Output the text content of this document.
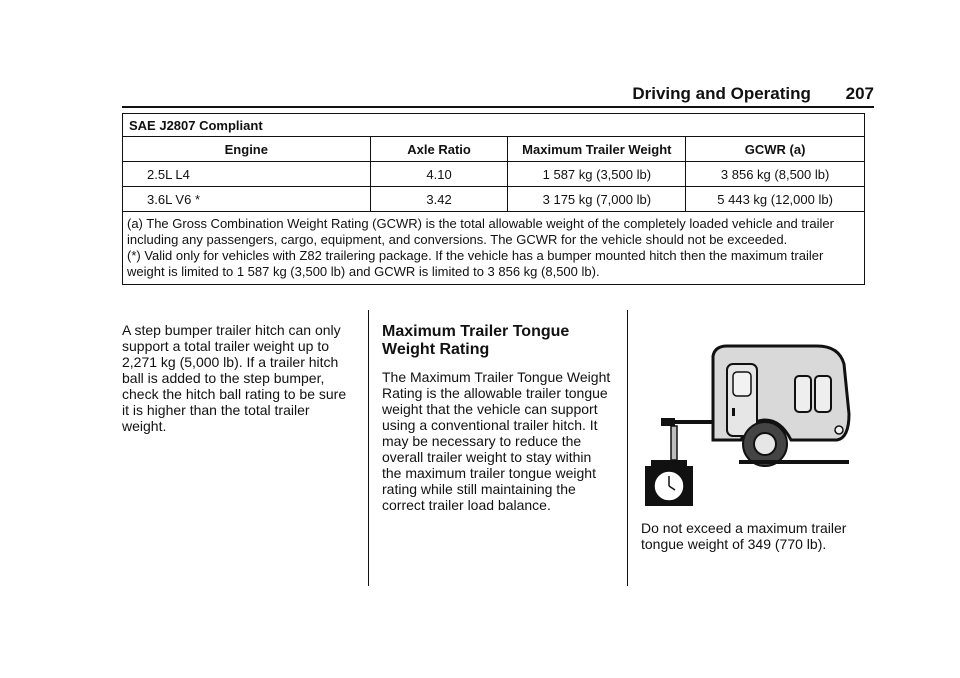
Driving and Operating 207
SAE J2807 Compliant			
Engine	Axle Ratio	Maximum Trailer Weight	GCWR (a)
2.5L L4	4.10	1 587 kg (3,500 lb)	3 856 kg (8,500 lb)
3.6L V6 *	3.42	3 175 kg (7,000 lb)	5 443 kg (12,000 lb)

(a) The Gross Combination Weight Rating (GCWR) is the total allowable weight of the completely loaded vehicle and trailer including any passengers, cargo, equipment, and conversions. The GCWR for the vehicle should not be exceeded.
(*) Valid only for vehicles with Z82 trailering package. If the vehicle has a bumper mounted hitch then the maximum trailer weight is limited to 1 587 kg (3,500 lb) and GCWR is limited to 3 856 kg (8,500 lb).			

A step bumper trailer hitch can only support a total trailer weight up to 2,271 kg (5,000 lb). If a trailer hitch ball is added to the step bumper, check the hitch ball rating to be sure it is higher than the total trailer weight.

Maximum Trailer Tongue Weight Rating

The Maximum Trailer Tongue Weight Rating is the allowable trailer tongue weight that the vehicle can support using a conventional trailer hitch. It may be necessary to reduce the overall trailer weight to stay within the maximum trailer tongue weight rating while still maintaining the correct trailer load balance.

Do not exceed a maximum trailer tongue weight of 349 (770 lb).
